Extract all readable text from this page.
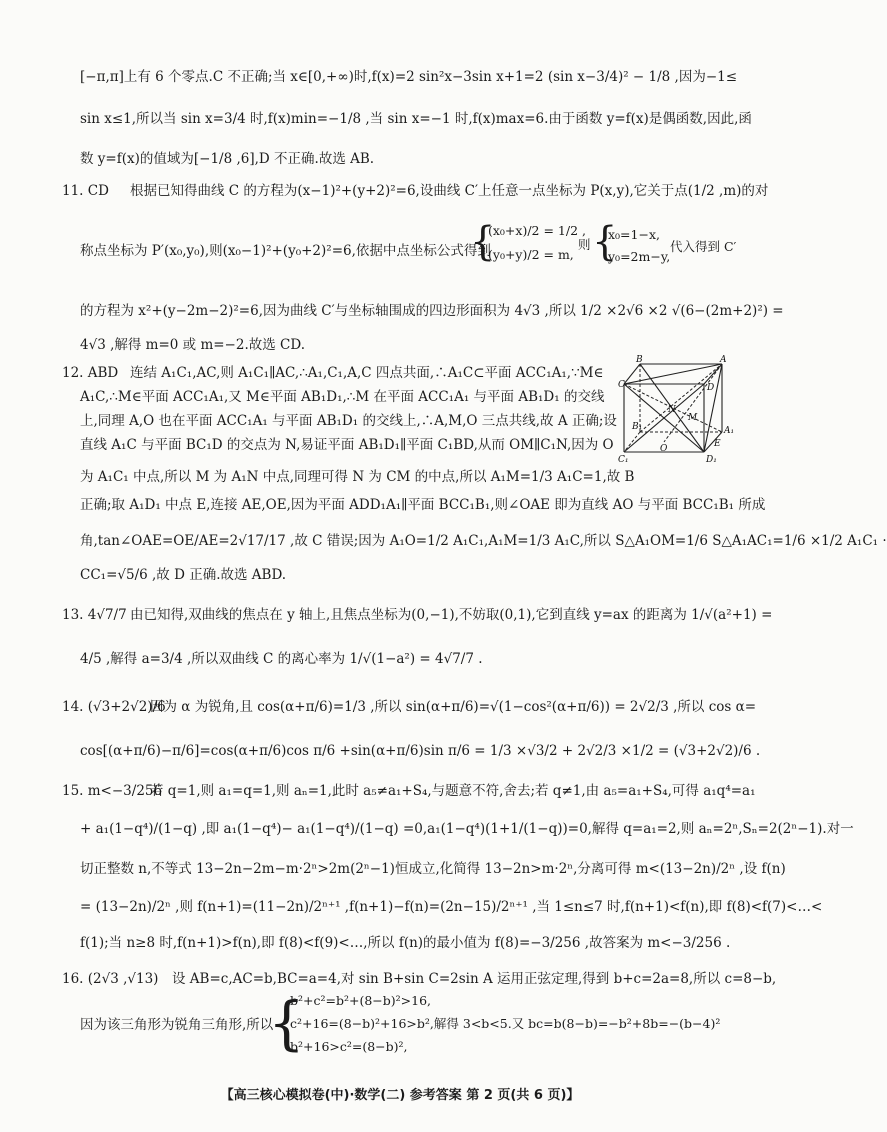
[−π,π]上有 6 个零点.C 不正确;当 x∈[0,+∞)时,f(x)=2 sin²x−3sin x+1=2 (sin x−3/4)² − 1/8 ,因为−1≤
sin x≤1,所以当 sin x=3/4 时,f(x)min=−1/8 ,当 sin x=−1 时,f(x)max=6.由于函数 y=f(x)是偶函数,因此,函
数 y=f(x)的值域为[−1/8 ,6],D 不正确.故选 AB.
11. CD	根据已知得曲线 C 的方程为(x−1)²+(y+2)²=6,设曲线 C′上任意一点坐标为 P(x,y),它关于点(1/2 ,m)的对
称点坐标为 P′(x₀,y₀),则(x₀−1)²+(y₀+2)²=6,依据中点坐标公式得到
{
(x₀+x)/2 = 1/2 ,
(y₀+y)/2 = m,
则 {
x₀=1−x,
y₀=2m−y,
代入得到 C′
的方程为 x²+(y−2m−2)²=6,因为曲线 C′与坐标轴围成的四边形面积为 4√3 ,所以 1/2 ×2√6 ×2 √(6−(2m+2)²) =
4√3 ,解得 m=0 或 m=−2.故选 CD.
12. ABD 连结 A₁C₁,AC,则 A₁C₁∥AC,∴A₁,C₁,A,C 四点共面,∴A₁C⊂平面 ACC₁A₁,∵M∈
A₁C,∴M∈平面 ACC₁A₁,又 M∈平面 AB₁D₁,∴M 在平面 ACC₁A₁ 与平面 AB₁D₁ 的交线
上,同理 A,O 也在平面 ACC₁A₁ 与平面 AB₁D₁ 的交线上,∴A,M,O 三点共线,故 A 正确;设
直线 A₁C 与平面 BC₁D 的交点为 N,易证平面 AB₁D₁∥平面 C₁BD,从而 OM∥C₁N,因为 O
为 A₁C₁ 中点,所以 M 为 A₁N 中点,同理可得 N 为 CM 的中点,所以 A₁M=1/3 A₁C=1,故 B
正确;取 A₁D₁ 中点 E,连接 AE,OE,因为平面 ADD₁A₁∥平面 BCC₁B₁,则∠OAE 即为直线 AO 与平面 BCC₁B₁ 所成
角,tan∠OAE=OE/AE=2√17/17 ,故 C 错误;因为 A₁O=1/2 A₁C₁,A₁M=1/3 A₁C,所以 S△A₁OM=1/6 S△A₁AC₁=1/6 ×1/2 A₁C₁ ·
CC₁=√5/6 ,故 D 正确.故选 ABD.
B	A
C	D
N
M
B₁	A₁
C₁
O	E
D₁
13. 4√7/7 由已知得,双曲线的焦点在 y 轴上,且焦点坐标为(0,−1),不妨取(0,1),它到直线 y=ax 的距离为 1/√(a²+1) =
4/5 ,解得 a=3/4 ,所以双曲线 C 的离心率为 1/√(1−a²) = 4√7/7 .
14. (√3+2√2)/6
因为 α 为锐角,且 cos(α+π/6)=1/3 ,所以 sin(α+π/6)=√(1−cos²(α+π/6)) = 2√2/3 ,所以 cos α=
cos[(α+π/6)−π/6]=cos(α+π/6)cos π/6 +sin(α+π/6)sin π/6 = 1/3 ×√3/2 + 2√2/3 ×1/2 = (√3+2√2)/6 .
15. m<−3/256
若 q=1,则 a₁=q=1,则 aₙ=1,此时 a₅≠a₁+S₄,与题意不符,舍去;若 q≠1,由 a₅=a₁+S₄,可得 a₁q⁴=a₁
+ a₁(1−q⁴)/(1−q) ,即 a₁(1−q⁴)− a₁(1−q⁴)/(1−q) =0,a₁(1−q⁴)(1+1/(1−q))=0,解得 q=a₁=2,则 aₙ=2ⁿ,Sₙ=2(2ⁿ−1).对一
切正整数 n,不等式 13−2n−2m−m·2ⁿ>2m(2ⁿ−1)恒成立,化简得 13−2n>m·2ⁿ,分离可得 m<(13−2n)/2ⁿ ,设 f(n)
= (13−2n)/2ⁿ ,则 f(n+1)=(11−2n)/2ⁿ⁺¹ ,f(n+1)−f(n)=(2n−15)/2ⁿ⁺¹ ,当 1≤n≤7 时,f(n+1)<f(n),即 f(8)<f(7)<…<
f(1);当 n≥8 时,f(n+1)>f(n),即 f(8)<f(9)<…,所以 f(n)的最小值为 f(8)=−3/256 ,故答案为 m<−3/256 .
16. (2√3 ,√13)	设 AB=c,AC=b,BC=a=4,对 sin B+sin C=2sin A 运用正弦定理,得到 b+c=2a=8,所以 c=8−b,
因为该三角形为锐角三角形,所以
{
b²+c²=b²+(8−b)²>16,
c²+16=(8−b)²+16>b²,解得 3<b<5.又 bc=b(8−b)=−b²+8b=−(b−4)²
b²+16>c²=(8−b)²,
【高三核心模拟卷(中)·数学(二) 参考答案 第 2 页(共 6 页)】
